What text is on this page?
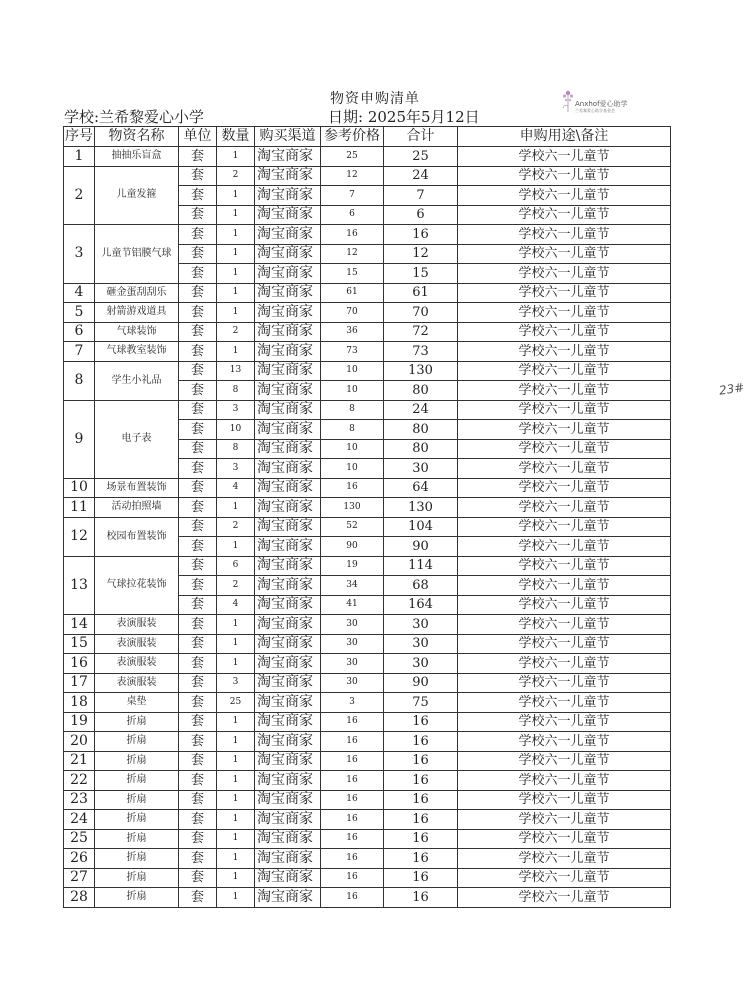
物资申购清单
学校:兰希黎爱心小学	日期: 2025年5月12日
Anxhof爱心助学
兰希黎爱心助学基金会
23#
序号	物资名称	单位	数量	购买渠道	参考价格	合计	申购用途\备注
1	抽抽乐盲盒	套	1	淘宝商家	25	25	学校六一儿童节
2	儿童发箍	套	2	淘宝商家	12	24	学校六一儿童节
		套	1	淘宝商家	7	7	学校六一儿童节
		套	1	淘宝商家	6	6	学校六一儿童节
3	儿童节铝膜气球	套	1	淘宝商家	16	16	学校六一儿童节
		套	1	淘宝商家	12	12	学校六一儿童节
		套	1	淘宝商家	15	15	学校六一儿童节
4	砸金蛋刮刮乐	套	1	淘宝商家	61	61	学校六一儿童节
5	射箭游戏道具	套	1	淘宝商家	70	70	学校六一儿童节
6	气球装饰	套	2	淘宝商家	36	72	学校六一儿童节
7	气球教室装饰	套	1	淘宝商家	73	73	学校六一儿童节
8	学生小礼品	套	13	淘宝商家	10	130	学校六一儿童节
		套	8	淘宝商家	10	80	学校六一儿童节
9	电子表	套	3	淘宝商家	8	24	学校六一儿童节
		套	10	淘宝商家	8	80	学校六一儿童节
		套	8	淘宝商家	10	80	学校六一儿童节
		套	3	淘宝商家	10	30	学校六一儿童节
10	场景布置装饰	套	4	淘宝商家	16	64	学校六一儿童节
11	活动拍照墙	套	1	淘宝商家	130	130	学校六一儿童节
12	校园布置装饰	套	2	淘宝商家	52	104	学校六一儿童节
		套	1	淘宝商家	90	90	学校六一儿童节
13	气球拉花装饰	套	6	淘宝商家	19	114	学校六一儿童节
		套	2	淘宝商家	34	68	学校六一儿童节
		套	4	淘宝商家	41	164	学校六一儿童节
14	表演服装	套	1	淘宝商家	30	30	学校六一儿童节
15	表演服装	套	1	淘宝商家	30	30	学校六一儿童节
16	表演服装	套	1	淘宝商家	30	30	学校六一儿童节
17	表演服装	套	3	淘宝商家	30	90	学校六一儿童节
18	桌垫	套	25	淘宝商家	3	75	学校六一儿童节
19	折扇	套	1	淘宝商家	16	16	学校六一儿童节
20	折扇	套	1	淘宝商家	16	16	学校六一儿童节
21	折扇	套	1	淘宝商家	16	16	学校六一儿童节
22	折扇	套	1	淘宝商家	16	16	学校六一儿童节
23	折扇	套	1	淘宝商家	16	16	学校六一儿童节
24	折扇	套	1	淘宝商家	16	16	学校六一儿童节
25	折扇	套	1	淘宝商家	16	16	学校六一儿童节
26	折扇	套	1	淘宝商家	16	16	学校六一儿童节
27	折扇	套	1	淘宝商家	16	16	学校六一儿童节
28	折扇	套	1	淘宝商家	16	16	学校六一儿童节
